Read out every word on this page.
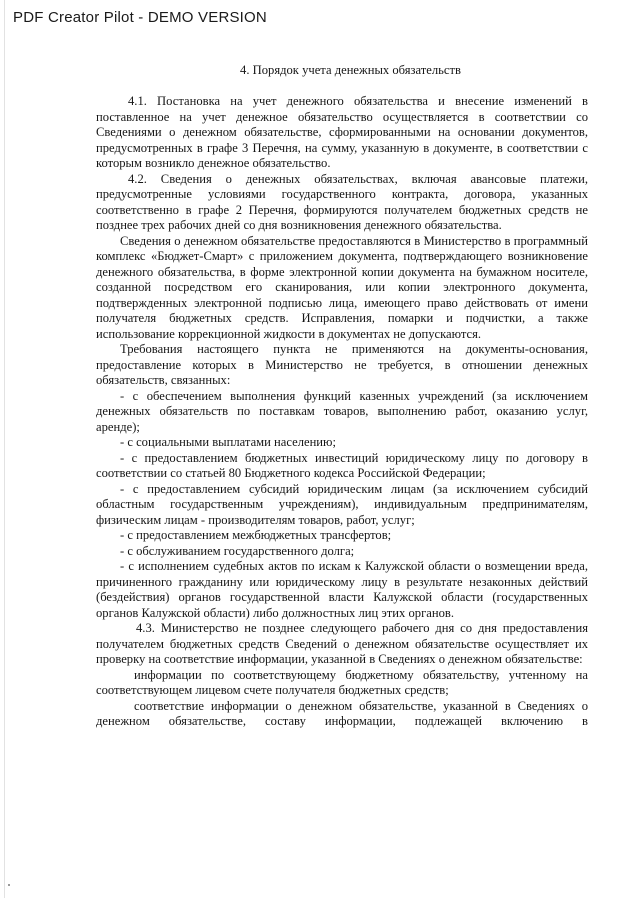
PDF Creator Pilot - DEMO VERSION
4. Порядок учета денежных обязательств

4.1. Постановка на учет денежного обязательства и внесение изменений в поставленное на учет денежное обязательство осуществляется в соответствии со Сведениями о денежном обязательстве, сформированными на основании документов, предусмотренных в графе 3 Перечня, на сумму, указанную в документе, в соответствии с которым возникло денежное обязательство.

4.2. Сведения о денежных обязательствах, включая авансовые платежи, предусмотренные условиями государственного контракта, договора, указанных соответственно в графе 2 Перечня, формируются получателем бюджетных средств не позднее трех рабочих дней со дня возникновения денежного обязательства.

Сведения о денежном обязательстве предоставляются в Министерство в программный комплекс «Бюджет-Смарт» с приложением документа, подтверждающего возникновение денежного обязательства, в форме электронной копии документа на бумажном носителе, созданной посредством его сканирования, или копии электронного документа, подтвержденных электронной подписью лица, имеющего право действовать от имени получателя бюджетных средств. Исправления, помарки и подчистки, а также использование коррекционной жидкости в документах не допускаются.

Требования настоящего пункта не применяются на документы-основания, предоставление которых в Министерство не требуется, в отношении денежных обязательств, связанных:

- с обеспечением выполнения функций казенных учреждений (за исключением денежных обязательств по поставкам товаров, выполнению работ, оказанию услуг, аренде);

- с социальными выплатами населению;

- с предоставлением бюджетных инвестиций юридическому лицу по договору в соответствии со статьей 80 Бюджетного кодекса Российской Федерации;

- с предоставлением субсидий юридическим лицам (за исключением субсидий областным государственным учреждениям), индивидуальным предпринимателям, физическим лицам - производителям товаров, работ, услуг;

- с предоставлением межбюджетных трансфертов;

- с обслуживанием государственного долга;

- с исполнением судебных актов по искам к Калужской области о возмещении вреда, причиненного гражданину или юридическому лицу в результате незаконных действий (бездействия) органов государственной власти Калужской области (государственных органов Калужской области) либо должностных лиц этих органов.

4.3. Министерство не позднее следующего рабочего дня со дня предоставления получателем бюджетных средств Сведений о денежном обязательстве осуществляет их проверку на соответствие информации, указанной в Сведениях о денежном обязательстве:

информации по соответствующему бюджетному обязательству, учтенному на соответствующем лицевом счете получателя бюджетных средств;

соответствие информации о денежном обязательстве, указанной в Сведениях о денежном обязательстве, составу информации, подлежащей включению в
